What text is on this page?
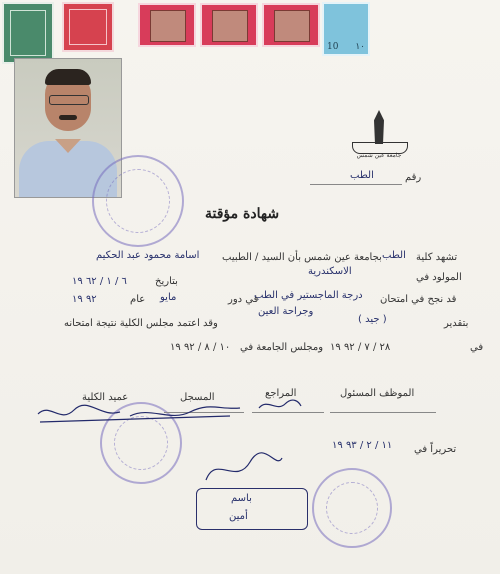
10 ١٠
جامعة عين شمس
رقم
الطب
شهادة مؤقتة
تشهد كلية
الطب
بجامعة عين شمس بأن السيد / الطبيب
اسامة محمود عبد الحكيم
المولود في
الاسكندرية
بتاريخ
٦ / ١ / ٦٢ ١٩
قد نجح في امتحان
درجة الماجستير في الطب
في دور
مايو
عام
٩٢ ١٩
وجراحة العين
بتقدير
( جيد )
وقد اعتمد مجلس الكلية نتيجة امتحانه
في
٢٨ / ٧ / ٩٢ ١٩
ومجلس الجامعة في
١٠ / ٨ / ٩٢ ١٩
الموظف المسئول
المراجع
المسجل
عميد الكلية
تحريراً في
١١ / ٢ / ٩٣ ١٩
باسم
أمين
